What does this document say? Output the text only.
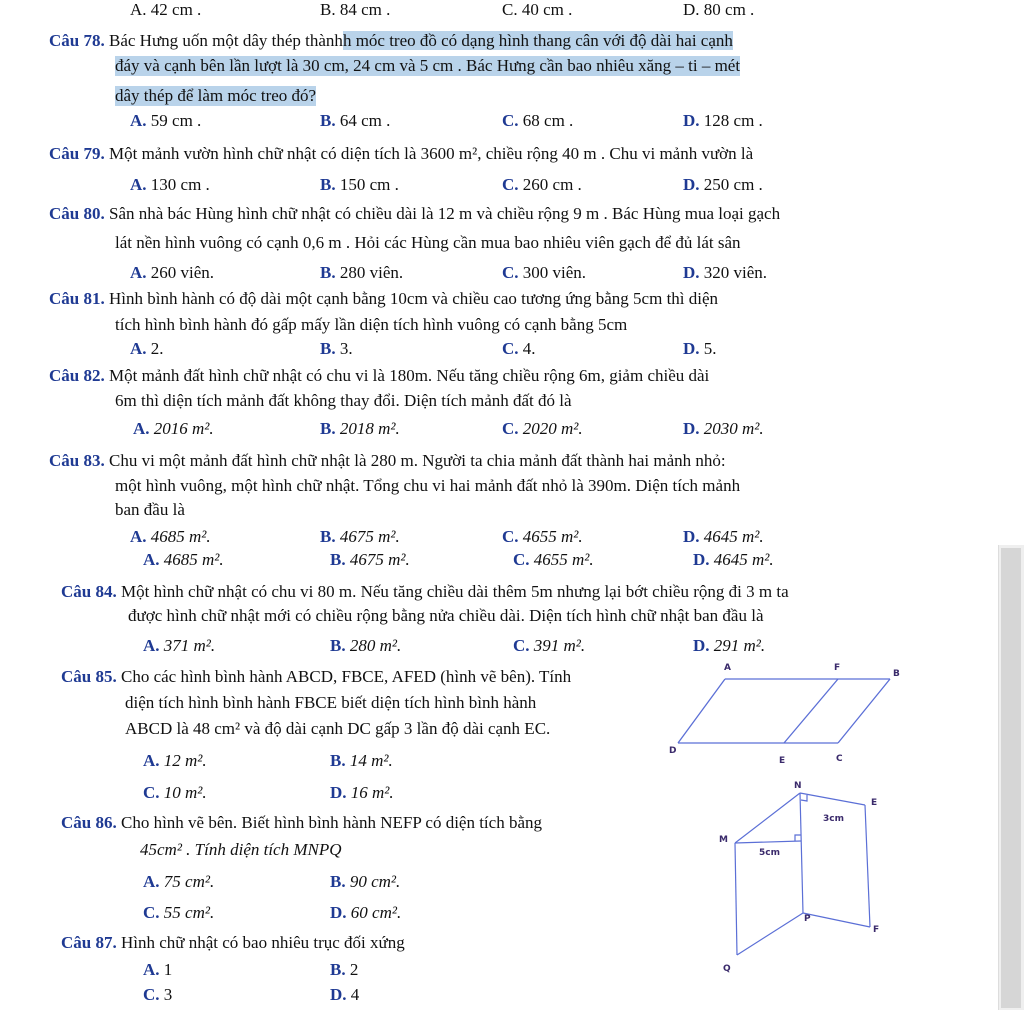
A. 42 cm .	B. 84 cm .	C. 40 cm .	D. 80 cm .
Câu 78. Bác Hưng uốn một dây thép thànhh móc treo đồ có dạng hình thang cân với độ dài hai cạnh
đáy và cạnh bên lần lượt là 30 cm, 24 cm và 5 cm . Bác Hưng cần bao nhiêu xăng – ti – mét
dây thép để làm móc treo đó?
A. 59 cm .	B. 64 cm .	C. 68 cm .	D. 128 cm .
Câu 79. Một mảnh vườn hình chữ nhật có diện tích là 3600 m², chiều rộng 40 m . Chu vi mảnh vườn là
A. 130 cm .	B. 150 cm .	C. 260 cm .	D. 250 cm .
Câu 80. Sân nhà bác Hùng hình chữ nhật có chiều dài là 12 m và chiều rộng 9 m . Bác Hùng mua loại gạch
lát nền hình vuông có cạnh 0,6 m . Hỏi các Hùng cần mua bao nhiêu viên gạch để đủ lát sân
A. 260 viên.	B. 280 viên.	C. 300 viên.	D. 320 viên.
Câu 81. Hình bình hành có độ dài một cạnh bằng 10cm và chiều cao tương ứng bằng 5cm thì diện
tích hình bình hành đó gấp mấy lần diện tích hình vuông có cạnh bằng 5cm
A. 2.	B. 3.	C. 4.	D. 5.
Câu 82. Một mảnh đất hình chữ nhật có chu vi là 180m. Nếu tăng chiều rộng 6m, giảm chiều dài
6m thì diện tích mảnh đất không thay đổi. Diện tích mảnh đất đó là
A. 2016 m².	B. 2018 m².	C. 2020 m².	D. 2030 m².
Câu 83. Chu vi một mảnh đất hình chữ nhật là 280 m. Người ta chia mảnh đất thành hai mảnh nhỏ:
một hình vuông, một hình chữ nhật. Tổng chu vi hai mảnh đất nhỏ là 390m. Diện tích mảnh
ban đầu là
A. 4685 m².	B. 4675 m².	C. 4655 m².	D. 4645 m².
A. 4685 m².	B. 4675 m².	C. 4655 m².	D. 4645 m².
Câu 84. Một hình chữ nhật có chu vi 80 m. Nếu tăng chiều dài thêm 5m nhưng lại bớt chiều rộng đi 3 m ta
được hình chữ nhật mới có chiều rộng bằng nửa chiều dài. Diện tích hình chữ nhật ban đầu là
A. 371 m².	B. 280 m².	C. 391 m².	D. 291 m².
Câu 85. Cho các hình bình hành ABCD, FBCE, AFED (hình vẽ bên). Tính
diện tích hình bình hành FBCE biết diện tích hình bình hành
ABCD là 48 cm² và độ dài cạnh DC gấp 3 lần độ dài cạnh EC.
A. 12 m².	B. 14 m².
C. 10 m².	D. 16 m².
A	F
B
D
E	C
Câu 86. Cho hình vẽ bên. Biết hình bình hành NEFP có diện tích bằng
45cm² . Tính diện tích MNPQ
A. 75 cm².	B. 90 cm².
C. 55 cm².	D. 60 cm².
N
E
3cm
M
5cm
P
F
Q
Câu 87. Hình chữ nhật có bao nhiêu trục đối xứng
A. 1	B. 2
C. 3	D. 4
